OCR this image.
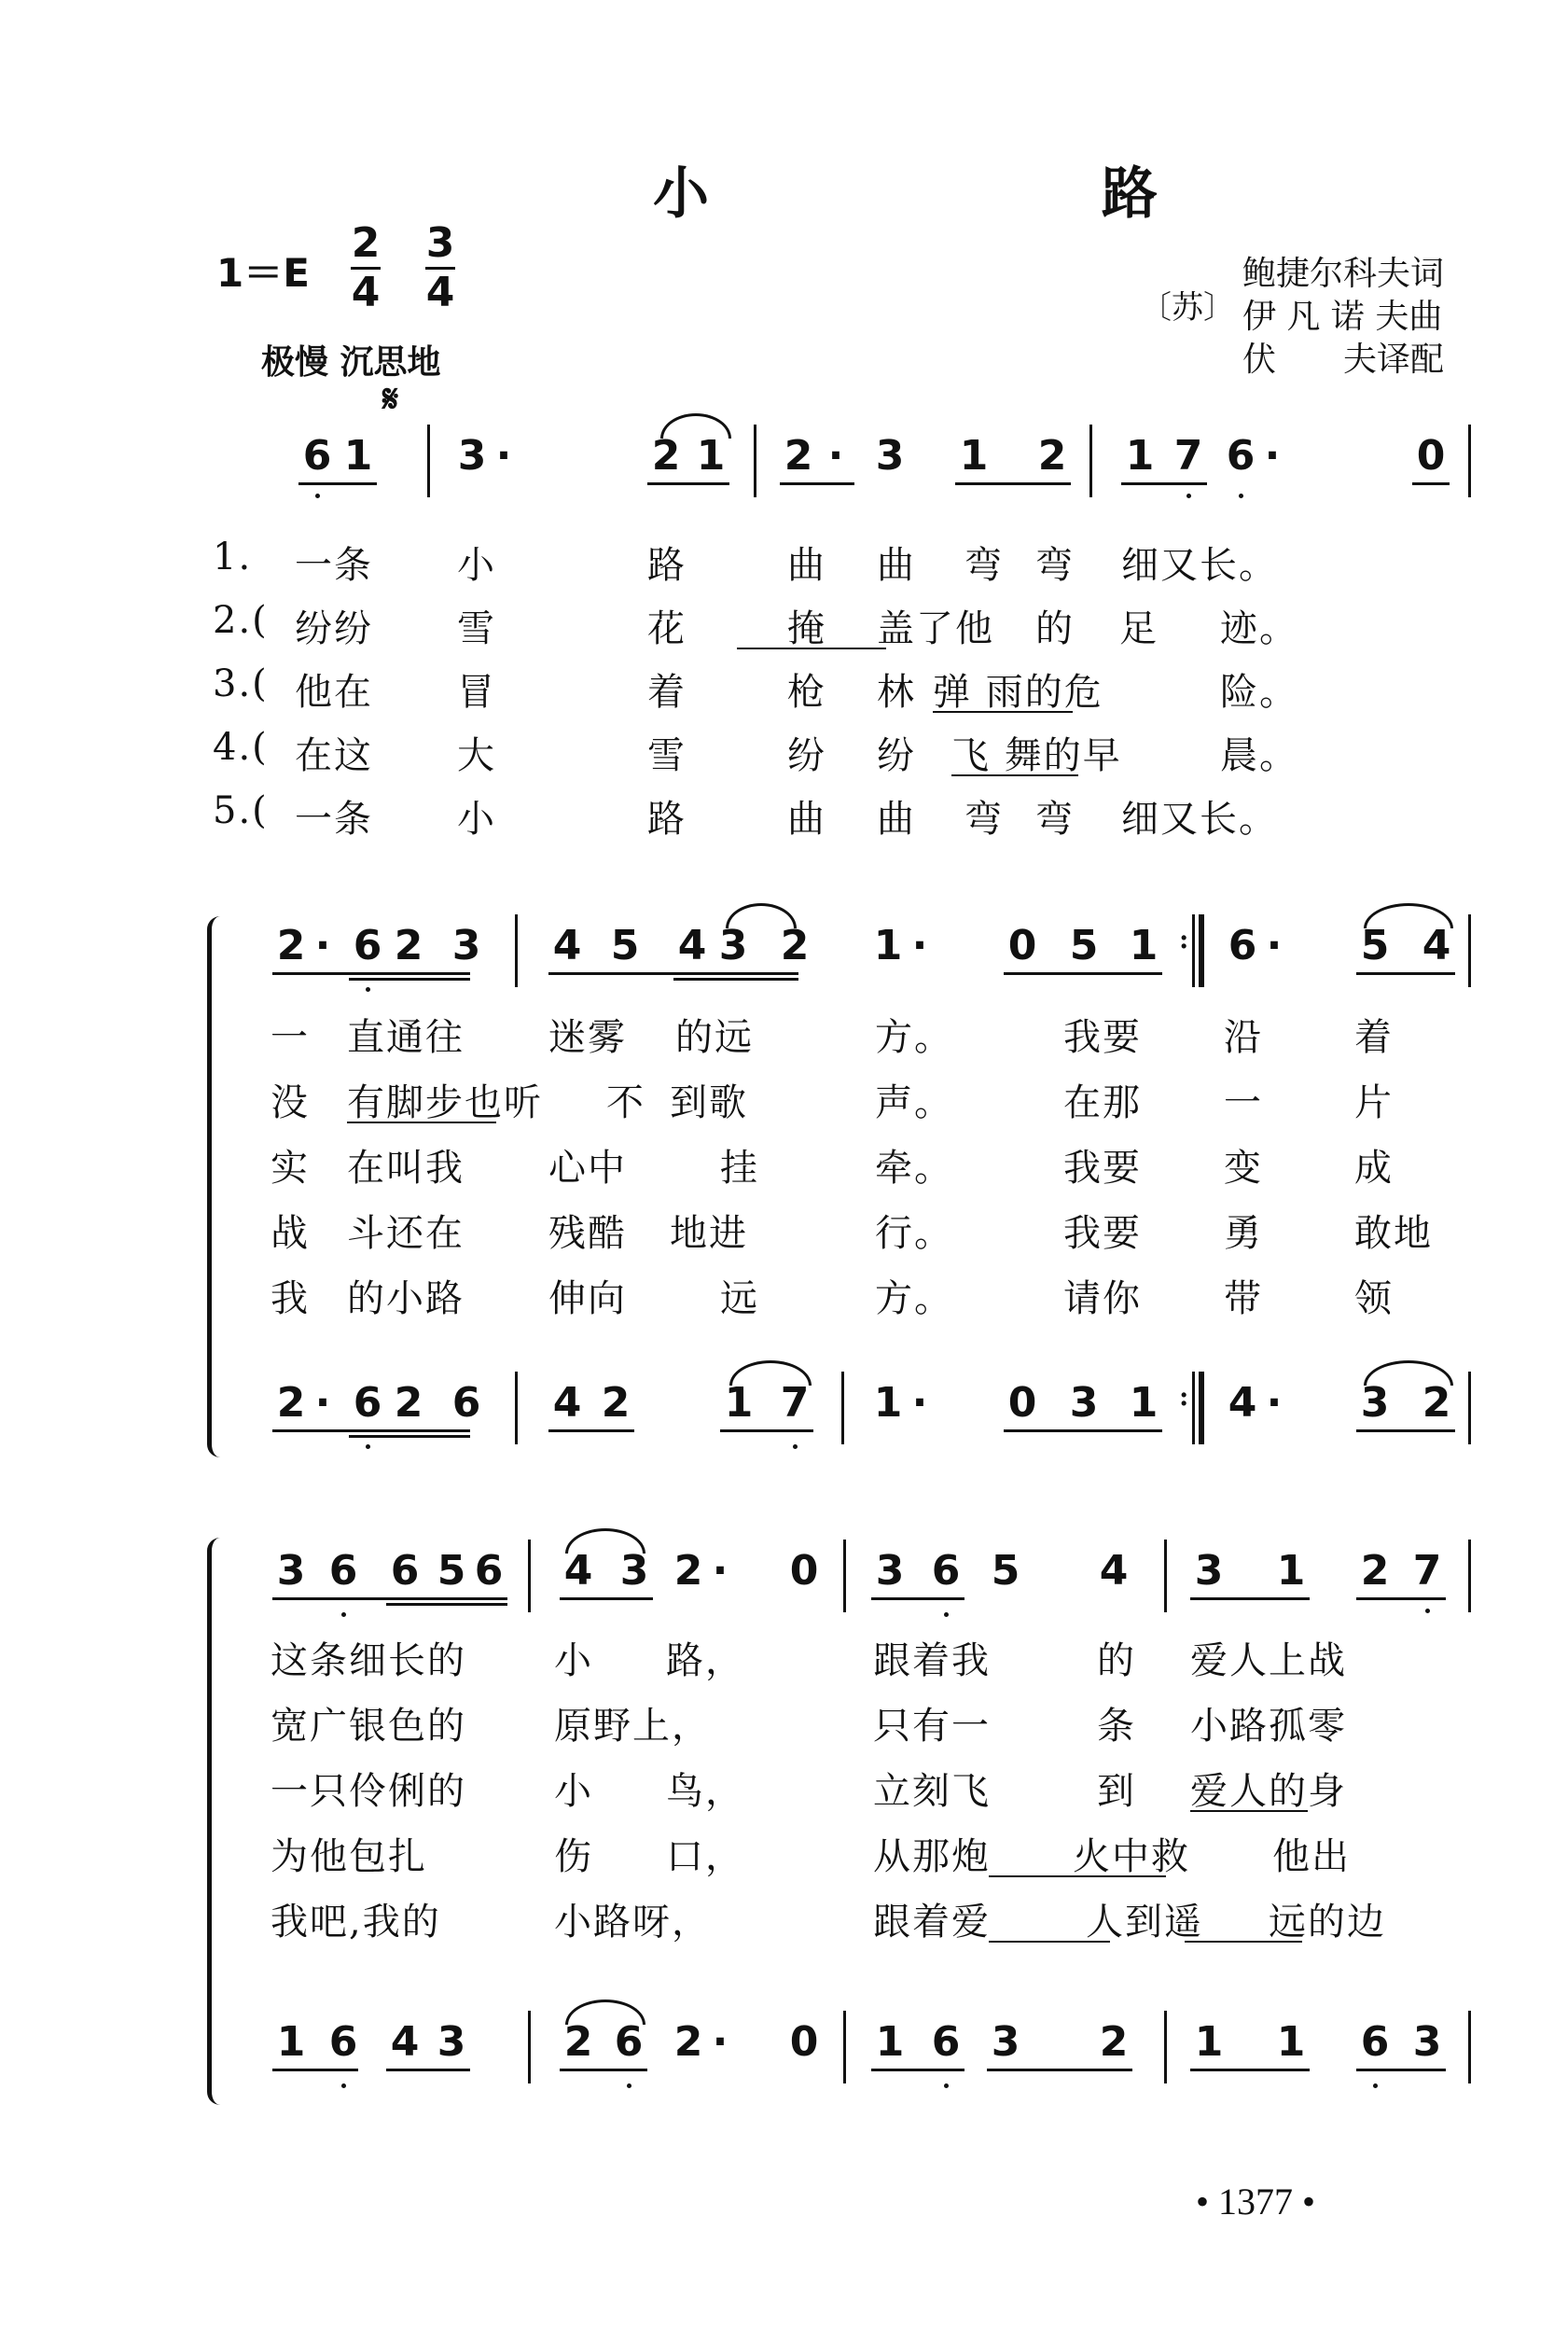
小 路
1＝E
2
4
3
4
极慢 沉思地
𝄋
〔苏〕
鲍捷尔科夫词
伊 凡 诺 夫曲
伏　　夫译配
6 1 3 ·	2 1 2 · 3 1 2 1 7 6 ·	0
1. 一条 小	路	曲 曲 弯 弯 细又长。
2.( 纷纷 雪	花	掩 盖了他 的 足 迹。
3.( 他在 冒	着	枪 林 弹 雨的危	险。
4.( 在这 大	雪	纷 纷 飞 舞的早	晨。
5.( 一条 小	路	曲 曲 弯 弯 细又长。
2 · 6 2 3 4 5 4 3 2 1 · 0 5 1 : 6 · 5 4
一 直通往 迷雾 的远	方。	我要 沿 着
没 有脚步也听 不 到歌	声。	在那 一 片
实 在叫我 心中	挂	牵。	我要 变 成
战 斗还在 残酷 地进	行。	我要 勇 敢地
我 的小路 伸向	远	方。	请你 带 领
2 · 6 2 6 4 2 1 7 1 · 0 3 1 : 4 · 3 2
3 6 6 5 6 4 3 2 · 0 3 6 5 4 3 1 2 7
这条细长的 小 路，	跟着我	的 爱人上战
宽广银色的 原野上，	只有一	条 小路孤零
一只伶俐的 小 鸟，	立刻飞	到 爱人的身
为他包扎	伤 口，	从那炮 火中救 他出
我吧,我的	小路呀，	跟着爱	人到遥 远的边
1 6 4 3 2 6 2 · 0 1 6 3 2 1 1 6 3
• 1377 •
